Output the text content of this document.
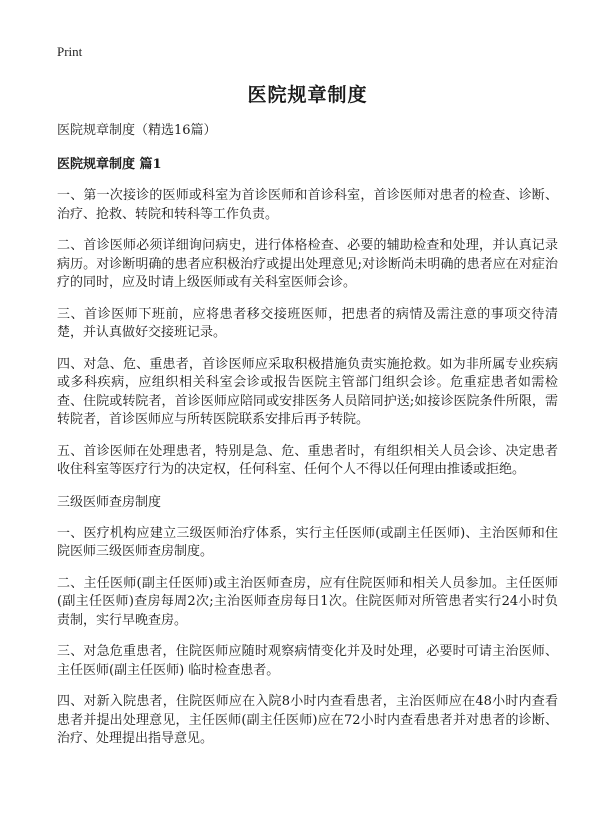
Print
医院规章制度
医院规章制度（精选16篇）
医院规章制度 篇1

一、第一次接诊的医师或科室为首诊医师和首诊科室，首诊医师对患者的检查、诊断、治疗、抢救、转院和转科等工作负责。

二、首诊医师必须详细询问病史，进行体格检查、必要的辅助检查和处理，并认真记录病历。对诊断明确的患者应积极治疗或提出处理意见;对诊断尚未明确的患者应在对症治疗的同时，应及时请上级医师或有关科室医师会诊。

三、首诊医师下班前，应将患者移交接班医师，把患者的病情及需注意的事项交待清楚，并认真做好交接班记录。

四、对急、危、重患者，首诊医师应采取积极措施负责实施抢救。如为非所属专业疾病或多科疾病，应组织相关科室会诊或报告医院主管部门组织会诊。危重症患者如需检查、住院或转院者，首诊医师应陪同或安排医务人员陪同护送;如接诊医院条件所限，需转院者，首诊医师应与所转医院联系安排后再予转院。

五、首诊医师在处理患者，特别是急、危、重患者时，有组织相关人员会诊、决定患者收住科室等医疗行为的决定权，任何科室、任何个人不得以任何理由推诿或拒绝。

三级医师查房制度

一、医疗机构应建立三级医师治疗体系，实行主任医师(或副主任医师)、主治医师和住院医师三级医师查房制度。

二、主任医师(副主任医师)或主治医师查房，应有住院医师和相关人员参加。主任医师(副主任医师)查房每周2次;主治医师查房每日1次。住院医师对所管患者实行24小时负责制，实行早晚查房。

三、对急危重患者，住院医师应随时观察病情变化并及时处理，必要时可请主治医师、主任医师(副主任医师) 临时检查患者。

四、对新入院患者，住院医师应在入院8小时内查看患者，主治医师应在48小时内查看患者并提出处理意见，主任医师(副主任医师)应在72小时内查看患者并对患者的诊断、治疗、处理提出指导意见。
